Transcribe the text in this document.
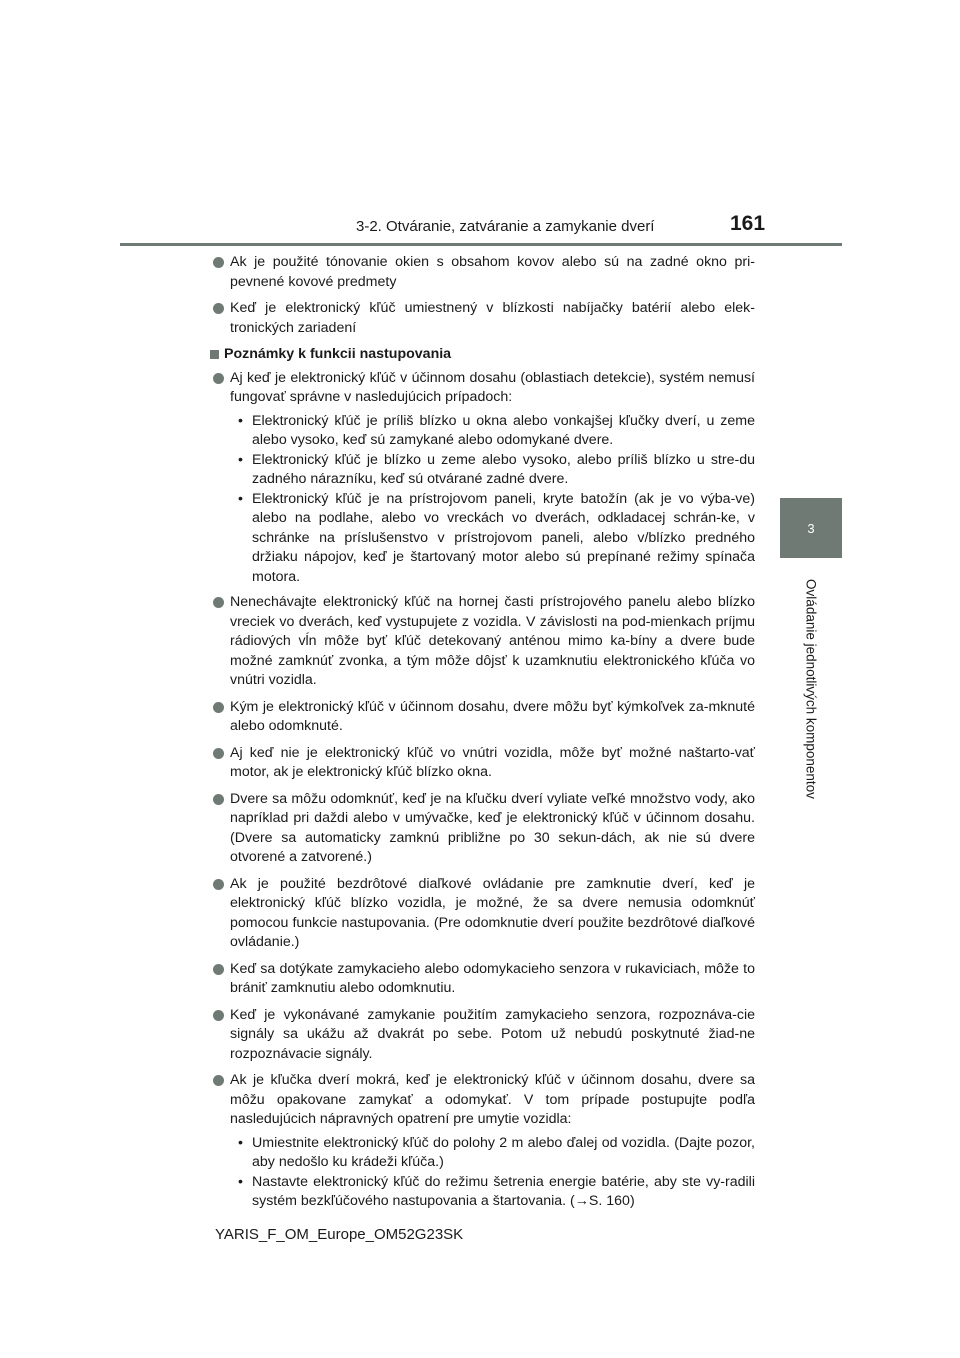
3-2. Otváranie, zatváranie a zamykanie dverí	161
3
Ovládanie jednotlivých komponentov

Ak je použité tónovanie okien s obsahom kovov alebo sú na zadné okno pri-pevnené kovové predmety

Keď je elektronický kľúč umiestnený v blízkosti nabíjačky batérií alebo elek-tronických zariadení

Poznámky k funkcii nastupovania

Aj keď je elektronický kľúč v účinnom dosahu (oblastiach detekcie), systém nemusí fungovať správne v nasledujúcich prípadoch:

• Elektronický kľúč je príliš blízko u okna alebo vonkajšej kľučky dverí, u zeme alebo vysoko, keď sú zamykané alebo odomykané dvere.
• Elektronický kľúč je blízko u zeme alebo vysoko, alebo príliš blízko u stre-du zadného nárazníku, keď sú otvárané zadné dvere.
• Elektronický kľúč je na prístrojovom paneli, kryte batožín (ak je vo výba-ve) alebo na podlahe, alebo vo vreckách vo dverách, odkladacej schrán-ke, v schránke na príslušenstvo v prístrojovom paneli, alebo v/blízko predného držiaku nápojov, keď je štartovaný motor alebo sú prepínané režimy spínača motora.

Nenechávajte elektronický kľúč na hornej časti prístrojového panelu alebo blízko vreciek vo dverách, keď vystupujete z vozidla. V závislosti na pod-mienkach príjmu rádiových vĺn môže byť kľúč detekovaný anténou mimo ka-bíny a dvere bude možné zamknúť zvonka, a tým môže dôjsť k uzamknutiu elektronického kľúča vo vnútri vozidla.

Kým je elektronický kľúč v účinnom dosahu, dvere môžu byť kýmkoľvek za-mknuté alebo odomknuté.

Aj keď nie je elektronický kľúč vo vnútri vozidla, môže byť možné naštarto-vať motor, ak je elektronický kľúč blízko okna.

Dvere sa môžu odomknúť, keď je na kľučku dverí vyliate veľké množstvo vody, ako napríklad pri daždi alebo v umývačke, keď je elektronický kľúč v účinnom dosahu. (Dvere sa automaticky zamknú približne po 30 sekun-dách, ak nie sú dvere otvorené a zatvorené.)

Ak je použité bezdrôtové diaľkové ovládanie pre zamknutie dverí, keď je elektronický kľúč blízko vozidla, je možné, že sa dvere nemusia odomknúť pomocou funkcie nastupovania. (Pre odomknutie dverí použite bezdrôtové diaľkové ovládanie.)

Keď sa dotýkate zamykacieho alebo odomykacieho senzora v rukaviciach, môže to brániť zamknutiu alebo odomknutiu.

Keď je vykonávané zamykanie použitím zamykacieho senzora, rozpoznáva-cie signály sa ukážu až dvakrát po sebe. Potom už nebudú poskytnuté žiad-ne rozpoznávacie signály.

Ak je kľučka dverí mokrá, keď je elektronický kľúč v účinnom dosahu, dvere sa môžu opakovane zamykať a odomykať. V tom prípade postupujte podľa nasledujúcich nápravných opatrení pre umytie vozidla:

• Umiestnite elektronický kľúč do polohy 2 m alebo ďalej od vozidla. (Dajte pozor, aby nedošlo ku krádeži kľúča.)
• Nastavte elektronický kľúč do režimu šetrenia energie batérie, aby ste vy-radili systém bezkľúčového nastupovania a štartovania. (→S. 160)
YARIS_F_OM_Europe_OM52G23SK
